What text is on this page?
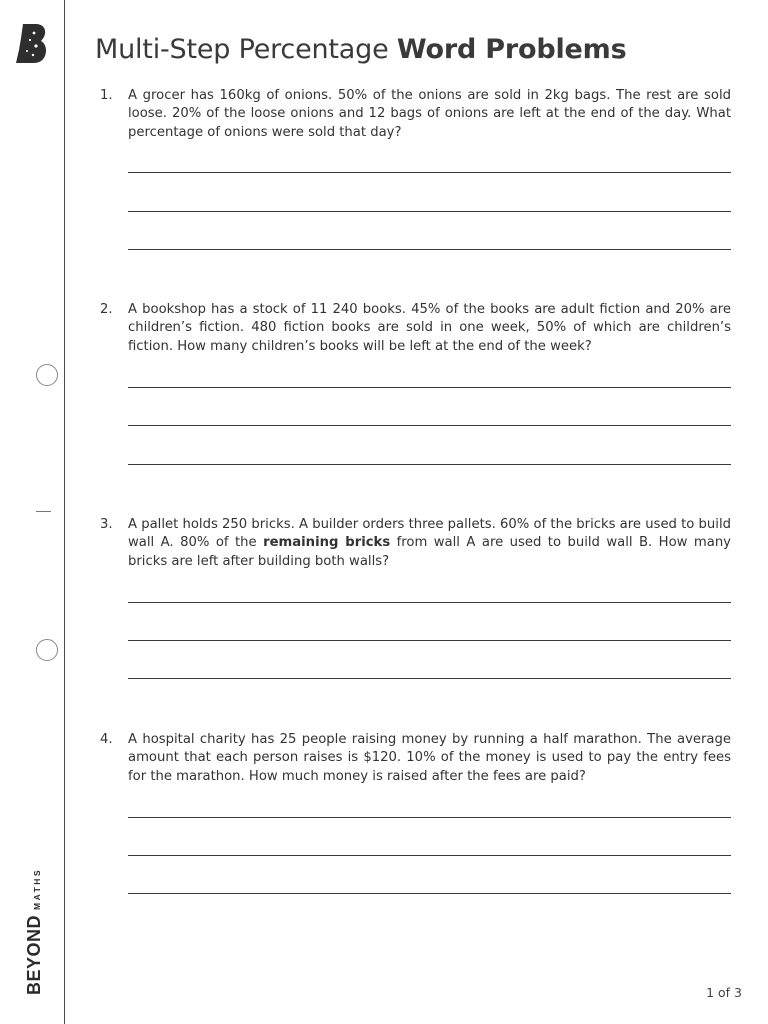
B
BEYOND
MATHS
Multi-Step Percentage Word Problems
1.	A grocer has 160kg of onions. 50% of the onions are sold in 2kg bags. The rest are sold loose. 20% of the loose onions and 12 bags of onions are left at the end of the day. What percentage of onions were sold that day?
2.	A bookshop has a stock of 11 240 books. 45% of the books are adult fiction and 20% are children’s fiction. 480 fiction books are sold in one week, 50% of which are children’s fiction. How many children’s books will be left at the end of the week?
3.	A pallet holds 250 bricks. A builder orders three pallets. 60% of the bricks are used to build wall A. 80% of the remaining bricks from wall A are used to build wall B. How many bricks are left after building both walls?
4.	A hospital charity has 25 people raising money by running a half marathon. The average amount that each person raises is $120. 10% of the money is used to pay the entry fees for the marathon. How much money is raised after the fees are paid?
1 of 3
